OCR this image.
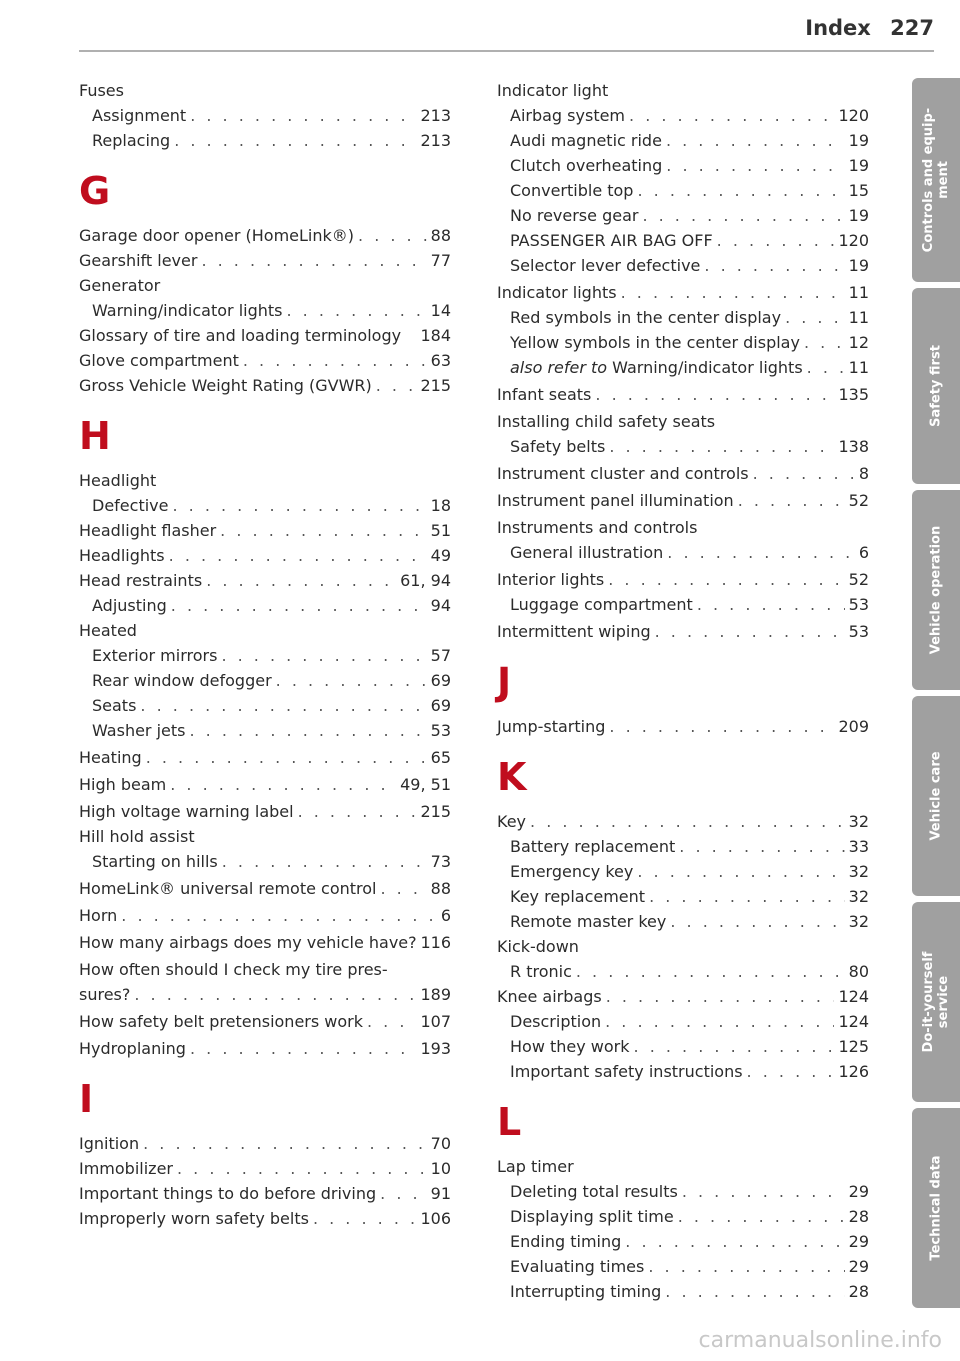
Index 227
Fuses
Assignment . . .	213
Replacing . . .	213
G
Garage door opener (HomeLink®) . . .	88
Gearshift lever . . .	77
Generator
Warning/indicator lights . . .	14
Glossary of tire and loading terminology 184
Glove compartment . . .	63
Gross Vehicle Weight Rating (GVWR) . . .	215
H
Headlight
Defective . . .	18
Headlight flasher . . .	51
Headlights . . .	49
Head restraints . . .	61, 94
Adjusting . . .	94
Heated
Exterior mirrors . . .	57
Rear window defogger . . .	69
Seats . . .	69
Washer jets . . .	53
Heating . . .	65
High beam . . .	49, 51
High voltage warning label . . .	215
Hill hold assist
Starting on hills . . .	73
HomeLink® universal remote control . . .	88
Horn . . .	6
How many airbags does my vehicle have? 116
How often should I check my tire pres-
sures? . . .	189
How safety belt pretensioners work . . .	107
Hydroplaning . . .	193
I
Ignition . . .	70
Immobilizer . . .	10
Important things to do before driving . . .	91
Improperly worn safety belts . . .	106
Indicator light
Airbag system . . .	120
Audi magnetic ride . . .	19
Clutch overheating . . .	19
Convertible top . . .	15
No reverse gear . . .	19
PASSENGER AIR BAG OFF . . .	120
Selector lever defective . . .	19
Indicator lights . . .	11
Red symbols in the center display . . .	11
Yellow symbols in the center display . . .	12
also refer to Warning/indicator lights . . .	11
Infant seats . . .	135
Installing child safety seats
Safety belts . . .	138
Instrument cluster and controls . . .	8
Instrument panel illumination . . .	52
Instruments and controls
General illustration . . .	6
Interior lights . . .	52
Luggage compartment . . .	53
Intermittent wiping . . .	53
J
Jump-starting . . .	209
K
Key . . .	32
Battery replacement . . .	33
Emergency key . . .	32
Key replacement . . .	32
Remote master key . . .	32
Kick-down
R tronic . . .	80
Knee airbags . . .	124
Description . . .	124
How they work . . .	125
Important safety instructions . . .	126
L
Lap timer
Deleting total results . . .	29
Displaying split time . . .	28
Ending timing . . .	29
Evaluating times . . .	29
Interrupting timing . . .	28
Controls and equip- ment
Safety first
Vehicle operation
Vehicle care
Do-it-yourself service
Technical data
carmanualsonline.info
